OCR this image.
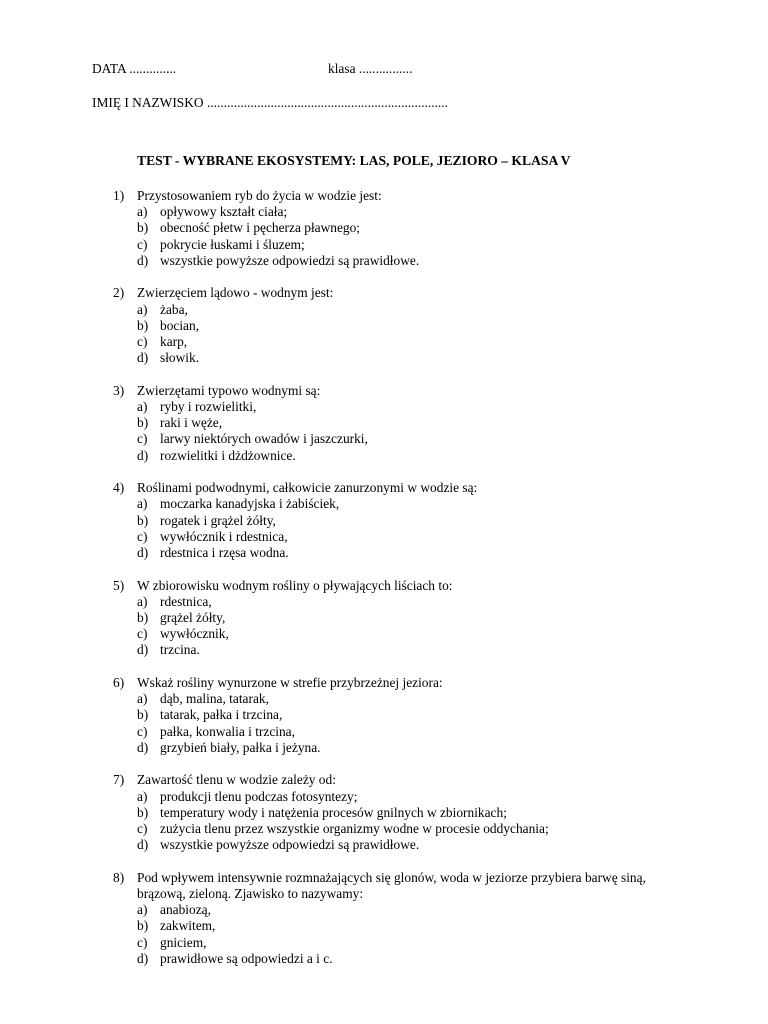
DATA ..............	klasa ................
IMIĘ I NAZWISKO ........................................................................
TEST - WYBRANE EKOSYSTEMY: LAS, POLE, JEZIORO – KLASA V
1) Przystosowaniem ryb do życia w wodzie jest:
a) opływowy kształt ciała;
b) obecność płetw i pęcherza pławnego;
c) pokrycie łuskami i śluzem;
d) wszystkie powyższe odpowiedzi są prawidłowe.
2) Zwierzęciem lądowo - wodnym jest:
a) żaba,
b) bocian,
c) karp,
d) słowik.
3) Zwierzętami typowo wodnymi są:
a) ryby i rozwielitki,
b) raki i węże,
c) larwy niektórych owadów i jaszczurki,
d) rozwielitki i dżdżownice.
4) Roślinami podwodnymi, całkowicie zanurzonymi w wodzie są:
a) moczarka kanadyjska i żabiściek,
b) rogatek i grążel żółty,
c) wywłócznik i rdestnica,
d) rdestnica i rzęsa wodna.
5) W zbiorowisku wodnym rośliny o pływających liściach to:
a) rdestnica,
b) grążel żółty,
c) wywłócznik,
d) trzcina.
6) Wskaż rośliny wynurzone w strefie przybrzeżnej jeziora:
a) dąb, malina, tatarak,
b) tatarak, pałka i trzcina,
c) pałka, konwalia i trzcina,
d) grzybień biały, pałka i jeżyna.
7) Zawartość tlenu w wodzie zależy od:
a) produkcji tlenu podczas fotosyntezy;
b) temperatury wody i natężenia procesów gnilnych w zbiornikach;
c) zużycia tlenu przez wszystkie organizmy wodne w procesie oddychania;
d) wszystkie powyższe odpowiedzi są prawidłowe.
8) Pod wpływem intensywnie rozmnażających się glonów, woda w jeziorze przybiera barwę siną, brązową, zieloną. Zjawisko to nazywamy:
a) anabiozą,
b) zakwitem,
c) gniciem,
d) prawidłowe są odpowiedzi a i c.
